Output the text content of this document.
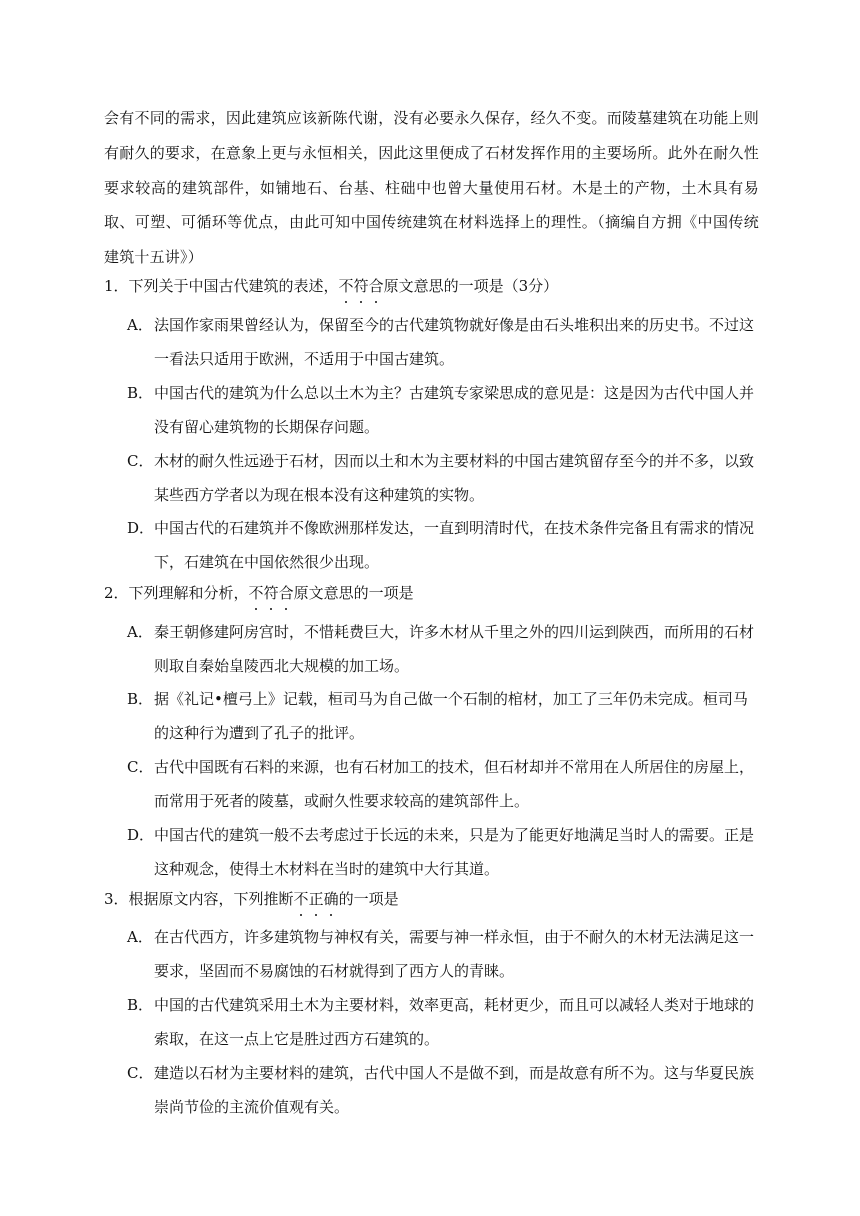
会有不同的需求，因此建筑应该新陈代谢，没有必要永久保存，经久不变。而陵墓建筑在功能上则有耐久的要求，在意象上更与永恒相关，因此这里便成了石材发挥作用的主要场所。此外在耐久性要求较高的建筑部件，如铺地石、台基、柱础中也曾大量使用石材。木是土的产物，土木具有易取、可塑、可循环等优点，由此可知中国传统建筑在材料选择上的理性。（摘编自方拥《中国传统建筑十五讲》）
1．下列关于中国古代建筑的表述，不符合原文意思的一项是（3分）
A．法国作家雨果曾经认为，保留至今的古代建筑物就好像是由石头堆积出来的历史书。不过这
一看法只适用于欧洲，不适用于中国古建筑。
B．中国古代的建筑为什么总以土木为主？古建筑专家梁思成的意见是：这是因为古代中国人并
没有留心建筑物的长期保存问题。
C．木材的耐久性远逊于石材，因而以土和木为主要材料的中国古建筑留存至今的并不多，以致
某些西方学者以为现在根本没有这种建筑的实物。
D．中国古代的石建筑并不像欧洲那样发达，一直到明清时代，在技术条件完备且有需求的情况
下，石建筑在中国依然很少出现。
2．下列理解和分析，不符合原文意思的一项是
A．秦王朝修建阿房宫时，不惜耗费巨大，许多木材从千里之外的四川运到陕西，而所用的石材
则取自秦始皇陵西北大规模的加工场。
B．据《礼记•檀弓上》记载，桓司马为自己做一个石制的棺材，加工了三年仍未完成。桓司马
的这种行为遭到了孔子的批评。
C．古代中国既有石料的来源，也有石材加工的技术，但石材却并不常用在人所居住的房屋上，
而常用于死者的陵墓，或耐久性要求较高的建筑部件上。
D．中国古代的建筑一般不去考虑过于长远的未来，只是为了能更好地满足当时人的需要。正是
这种观念，使得土木材料在当时的建筑中大行其道。
3．根据原文内容，下列推断不正确的一项是
A．在古代西方，许多建筑物与神权有关，需要与神一样永恒，由于不耐久的木材无法满足这一
要求，坚固而不易腐蚀的石材就得到了西方人的青睐。
B．中国的古代建筑采用土木为主要材料，效率更高，耗材更少，而且可以减轻人类对于地球的
索取，在这一点上它是胜过西方石建筑的。
C．建造以石材为主要材料的建筑，古代中国人不是做不到，而是故意有所不为。这与华夏民族
崇尚节俭的主流价值观有关。
